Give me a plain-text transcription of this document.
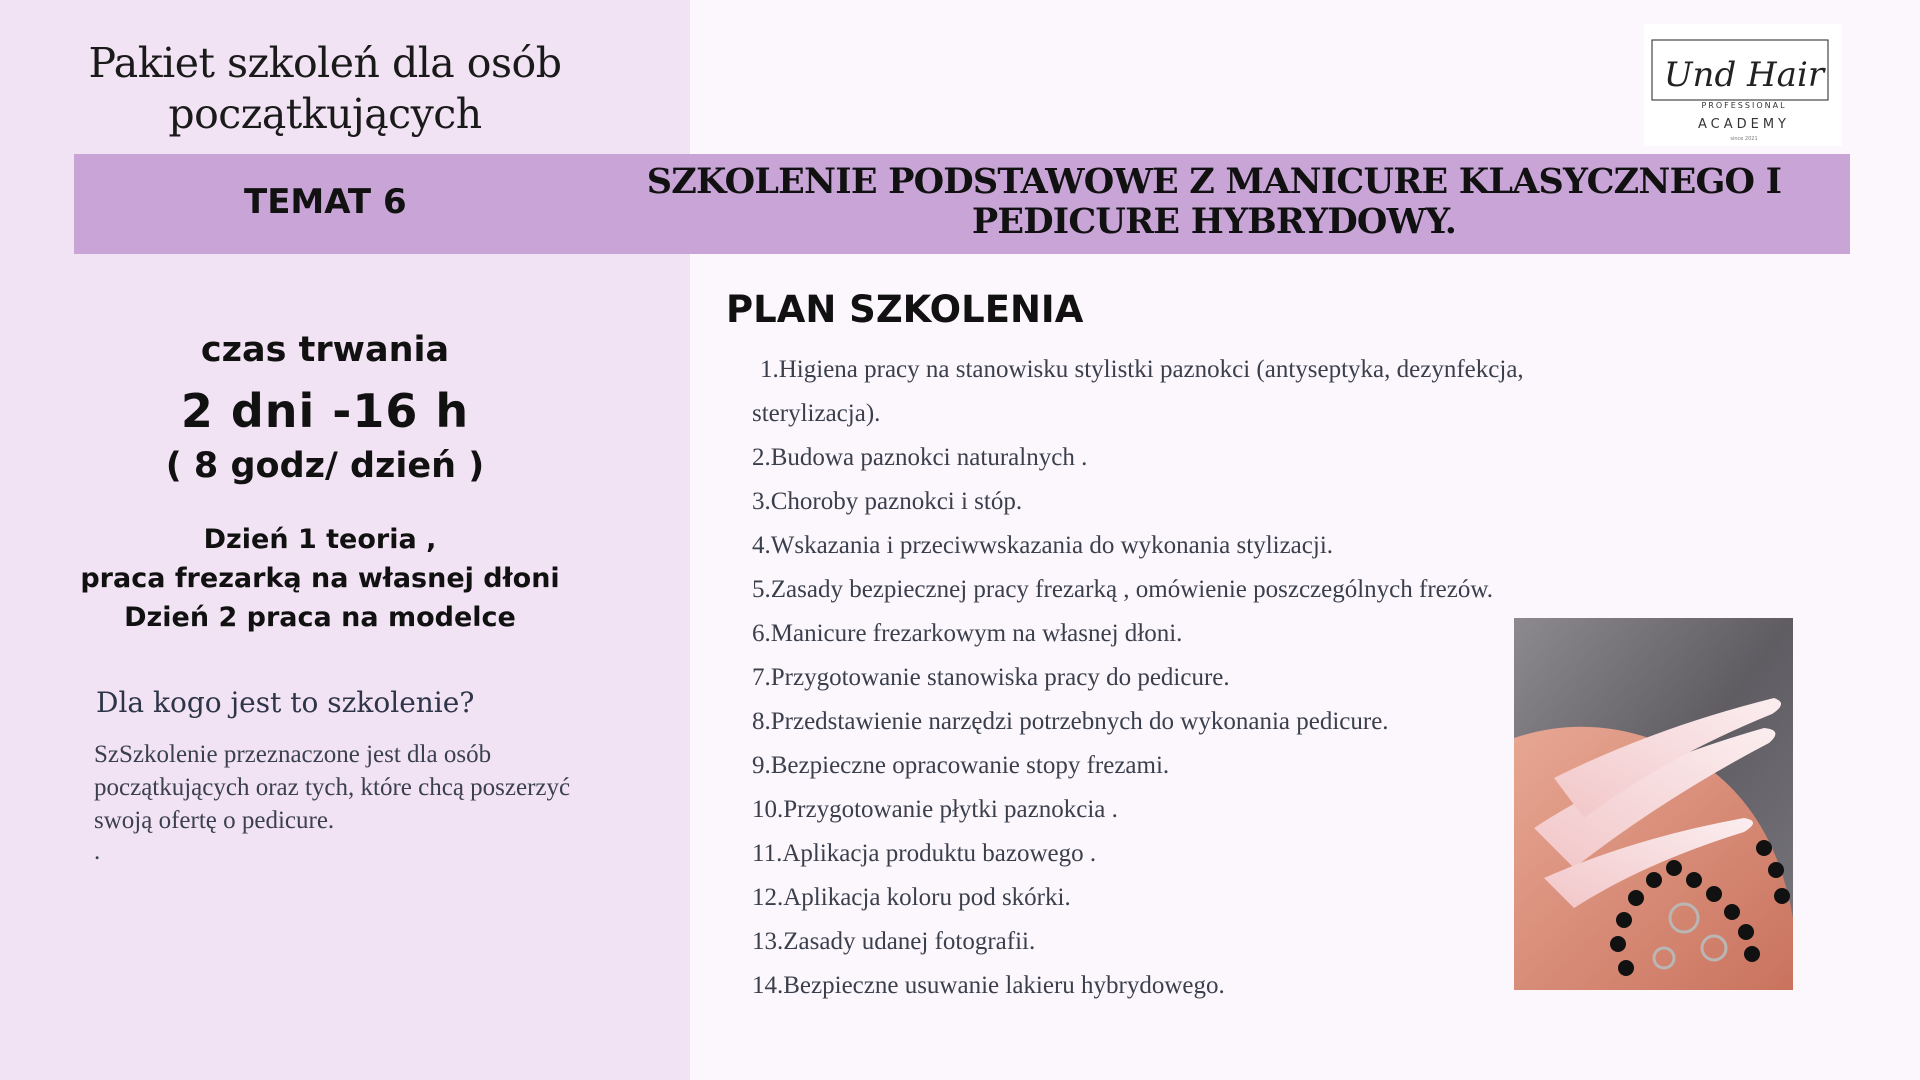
Pakiet szkoleń dla osób początkujących
Und Hair
PROFESSIONAL
ACADEMY
since 2021
TEMAT 6	SZKOLENIE PODSTAWOWE Z MANICURE KLASYCZNEGO I PEDICURE HYBRYDOWY.
czas trwania
2 dni -16 h
( 8 godz/ dzień )
Dzień 1 teoria ,
praca frezarką na własnej dłoni
Dzień 2 praca na modelce
Dla kogo jest to szkolenie?
SzSzkolenie przeznaczone jest dla osób początkujących oraz tych, które chcą poszerzyć swoją ofertę o pedicure.
.
PLAN SZKOLENIA
1.Higiena pracy na stanowisku stylistki paznokci (antyseptyka, dezynfekcja, sterylizacja).
2.Budowa paznokci naturalnych .
3.Choroby paznokci i stóp.
4.Wskazania i przeciwwskazania do wykonania stylizacji.
5.Zasady bezpiecznej pracy frezarką , omówienie poszczególnych frezów.
6.Manicure frezarkowym na własnej dłoni.
7.Przygotowanie stanowiska pracy do pedicure.
8.Przedstawienie narzędzi potrzebnych do wykonania pedicure.
9.Bezpieczne opracowanie stopy frezami.
10.Przygotowanie płytki paznokcia .
11.Aplikacja produktu bazowego .
12.Aplikacja koloru pod skórki.
13.Zasady udanej fotografii.
14.Bezpieczne usuwanie lakieru hybrydowego.
